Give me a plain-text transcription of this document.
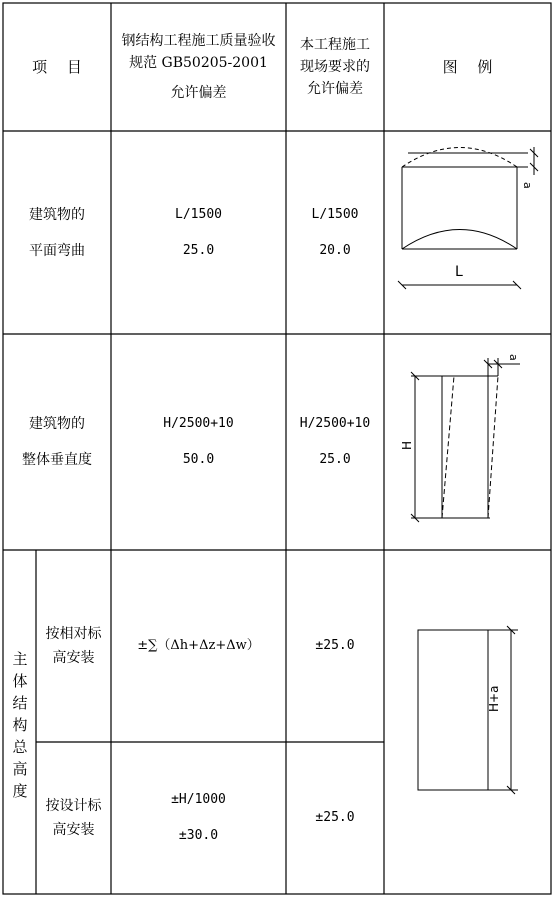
项　 目
钢结构工程施工质量验收
规范 GB50205-2001
允许偏差
本工程施工
现场要求的
允许偏差
图　 例
建筑物的
平面弯曲
L/1500
25.0
L/1500
20.0
a
L
建筑物的
整体垂直度
H/2500+10
50.0
H/2500+10
25.0
H
a
主
体
结
构
总
高
度
按相对标
高安装
±∑（Δh+Δz+Δw）	±25.0
按设计标
高安装
±H/1000
±30.0
±25.0
H+a
